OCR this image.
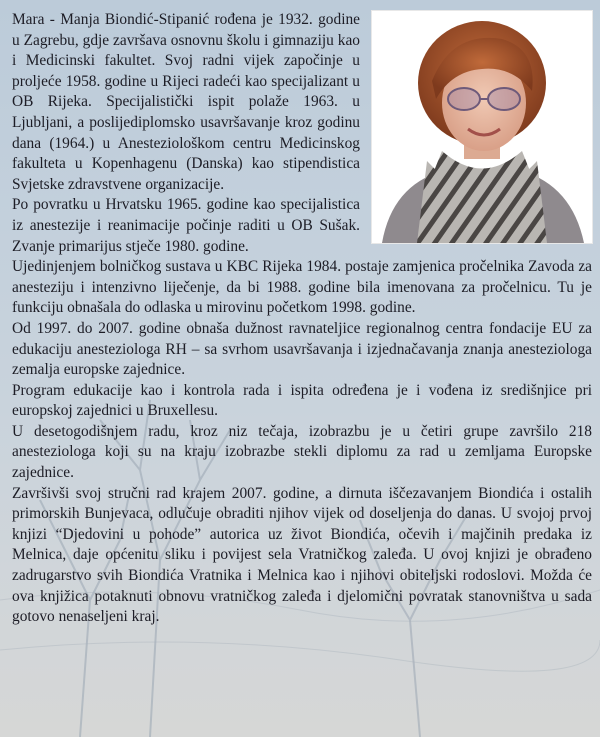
Mara - Manja Biondić-Stipanić rođena je 1932. godine u Zagrebu, gdje završava osnovnu školu i gimnaziju kao i Medicinski fakultet. Svoj radni vijek započinje u proljeće 1958. godine u Rijeci radeći kao specijalizant u OB Rijeka. Specijalistički ispit polaže 1963. u Ljubljani, a poslijediplomsko usavršavanje kroz godinu dana (1964.) u Anesteziološkom centru Medicinskog fakulteta u Kopenhagenu (Danska) kao stipendistica Svjetske zdravstvene organizacije.

Po povratku u Hrvatsku 1965. godine kao specijalistica iz anestezije i reanimacije počinje raditi u OB Sušak. Zvanje primarijus stječe 1980. godine.

Ujedinjenjem bolničkog sustava u KBC Rijeka 1984. postaje zamjenica pročelnika Zavoda za anesteziju i intenzivno liječenje, da bi 1988. godine bila imenovana za pročelnicu. Tu je funkciju obnašala do odlaska u mirovinu početkom 1998. godine.

Od 1997. do 2007. godine obnaša dužnost ravnateljice regionalnog centra fondacije EU za edukaciju anesteziologa RH – sa svrhom usavršavanja i izjednačavanja znanja anesteziologa zemalja europske zajednice.

Program edukacije kao i kontrola rada i ispita određena je i vođena iz središnjice pri europskoj zajednici u Bruxellesu.

U desetogodišnjem radu, kroz niz tečaja, izobrazbu je u četiri grupe završilo 218 anesteziologa koji su na kraju izobrazbe stekli diplomu za rad u zemljama Europske zajednice.

Završivši svoj stručni rad krajem 2007. godine, a dirnuta iščezavanjem Biondića i ostalih primorskih Bunjevaca, odlučuje obraditi njihov vijek od doseljenja do danas. U svojoj prvoj knjizi “Djedovini u pohode” autorica uz život Biondića, očevih i majčinih predaka iz Melnica, daje općenitu sliku i povijest sela Vratničkog zaleđa. U ovoj knjizi je obrađeno zadrugarstvo svih Biondića Vratnika i Melnica kao i njihovi obiteljski rodoslovi. Možda će ova knjižica potaknuti obnovu vratničkog zaleđa i djelomični povratak stanovništva u sada gotovo nenaseljeni kraj.
